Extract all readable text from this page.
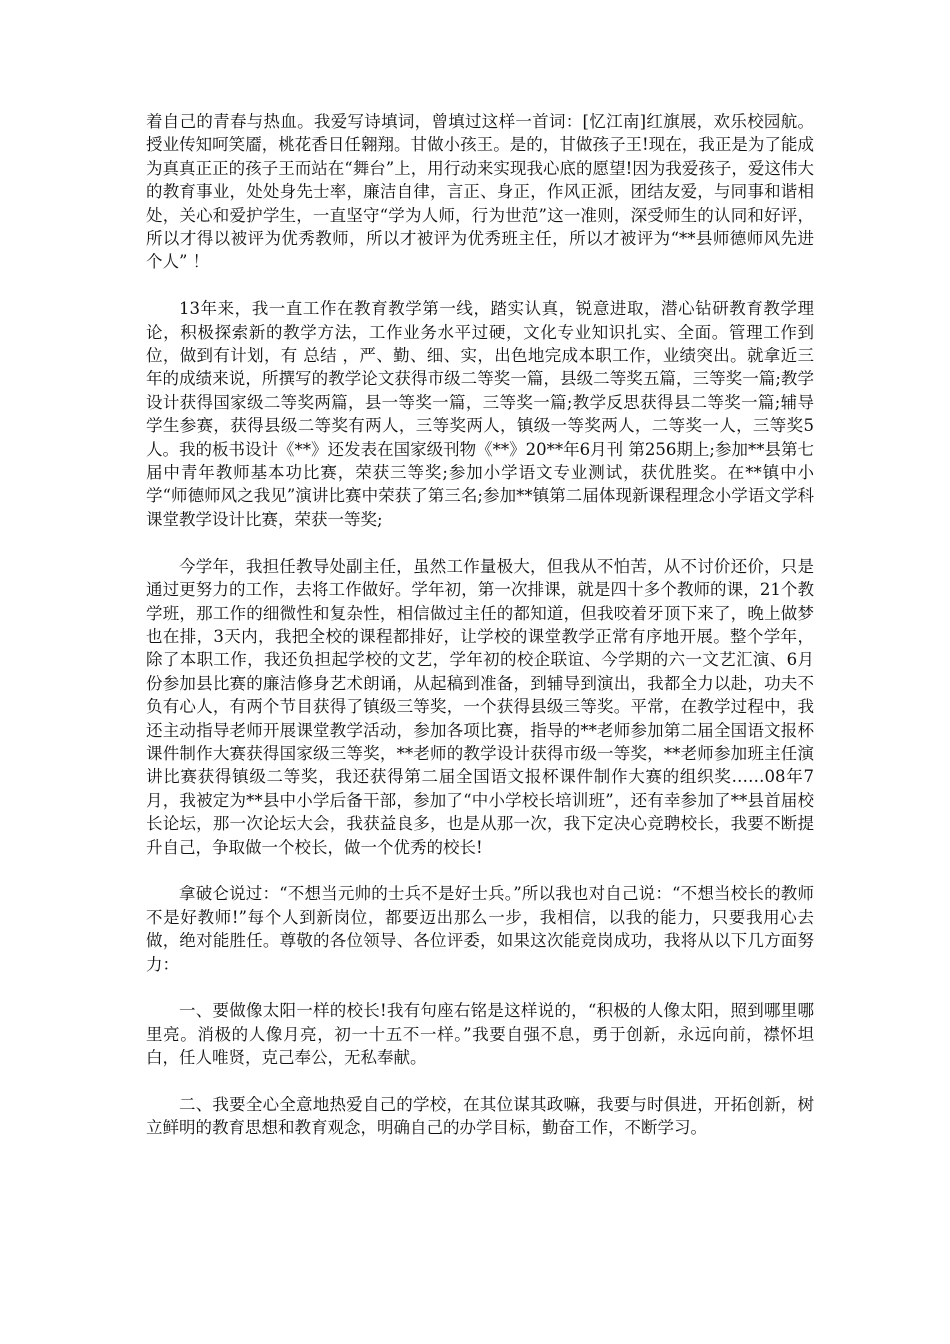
着自己的青春与热血。我爱写诗填词，曾填过这样一首词：[忆江南]红旗展，欢乐校园航。授业传知呵笑靥，桃花香日任翱翔。甘做小孩王。是的，甘做孩子王!现在，我正是为了能成为真真正正的孩子王而站在“舞台”上，用行动来实现我心底的愿望!因为我爱孩子，爱这伟大的教育事业，处处身先士率，廉洁自律，言正、身正，作风正派，团结友爱，与同事和谐相处，关心和爱护学生，一直坚守“学为人师，行为世范”这一准则，深受师生的认同和好评，所以才得以被评为优秀教师，所以才被评为优秀班主任，所以才被评为“**县师德师风先进个人” ！

13年来，我一直工作在教育教学第一线，踏实认真，锐意进取，潜心钻研教育教学理论，积极探索新的教学方法，工作业务水平过硬，文化专业知识扎实、全面。管理工作到位，做到有计划，有 总结 ，严、勤、细、实，出色地完成本职工作，业绩突出。就拿近三年的成绩来说，所撰写的教学论文获得市级二等奖一篇，县级二等奖五篇，三等奖一篇;教学设计获得国家级二等奖两篇，县一等奖一篇，三等奖一篇;教学反思获得县二等奖一篇;辅导学生参赛，获得县级二等奖有两人，三等奖两人，镇级一等奖两人，二等奖一人，三等奖5人。我的板书设计《**》还发表在国家级刊物《**》20**年6月刊 第256期上;参加**县第七届中青年教师基本功比赛，荣获三等奖;参加小学语文专业测试，获优胜奖。在**镇中小学“师德师风之我见”演讲比赛中荣获了第三名;参加**镇第二届体现新课程理念小学语文学科课堂教学设计比赛，荣获一等奖;

今学年，我担任教导处副主任，虽然工作量极大，但我从不怕苦，从不讨价还价，只是通过更努力的工作，去将工作做好。学年初，第一次排课，就是四十多个教师的课，21个教学班，那工作的细微性和复杂性，相信做过主任的都知道，但我咬着牙顶下来了，晚上做梦也在排，3天内，我把全校的课程都排好，让学校的课堂教学正常有序地开展。整个学年，除了本职工作，我还负担起学校的文艺，学年初的校企联谊、今学期的六一文艺汇演、6月份参加县比赛的廉洁修身艺术朗诵，从起稿到准备，到辅导到演出，我都全力以赴，功夫不负有心人，有两个节目获得了镇级三等奖，一个获得县级三等奖。平常，在教学过程中，我还主动指导老师开展课堂教学活动，参加各项比赛，指导的**老师参加第二届全国语文报杯课件制作大赛获得国家级三等奖，**老师的教学设计获得市级一等奖，**老师参加班主任演讲比赛获得镇级二等奖，我还获得第二届全国语文报杯课件制作大赛的组织奖……08年7月，我被定为**县中小学后备干部，参加了“中小学校长培训班”，还有幸参加了**县首届校长论坛，那一次论坛大会，我获益良多，也是从那一次，我下定决心竞聘校长，我要不断提升自己，争取做一个校长，做一个优秀的校长!

拿破仑说过：“不想当元帅的士兵不是好士兵。”所以我也对自己说：“不想当校长的教师不是好教师!”每个人到新岗位，都要迈出那么一步，我相信，以我的能力，只要我用心去做，绝对能胜任。尊敬的各位领导、各位评委，如果这次能竞岗成功，我将从以下几方面努力：

一、要做像太阳一样的校长!我有句座右铭是这样说的，“积极的人像太阳，照到哪里哪里亮。消极的人像月亮，初一十五不一样。”我要自强不息，勇于创新，永远向前，襟怀坦白，任人唯贤，克己奉公，无私奉献。

二、我要全心全意地热爱自己的学校，在其位谋其政嘛，我要与时俱进，开拓创新，树立鲜明的教育思想和教育观念，明确自己的办学目标，勤奋工作，不断学习。
